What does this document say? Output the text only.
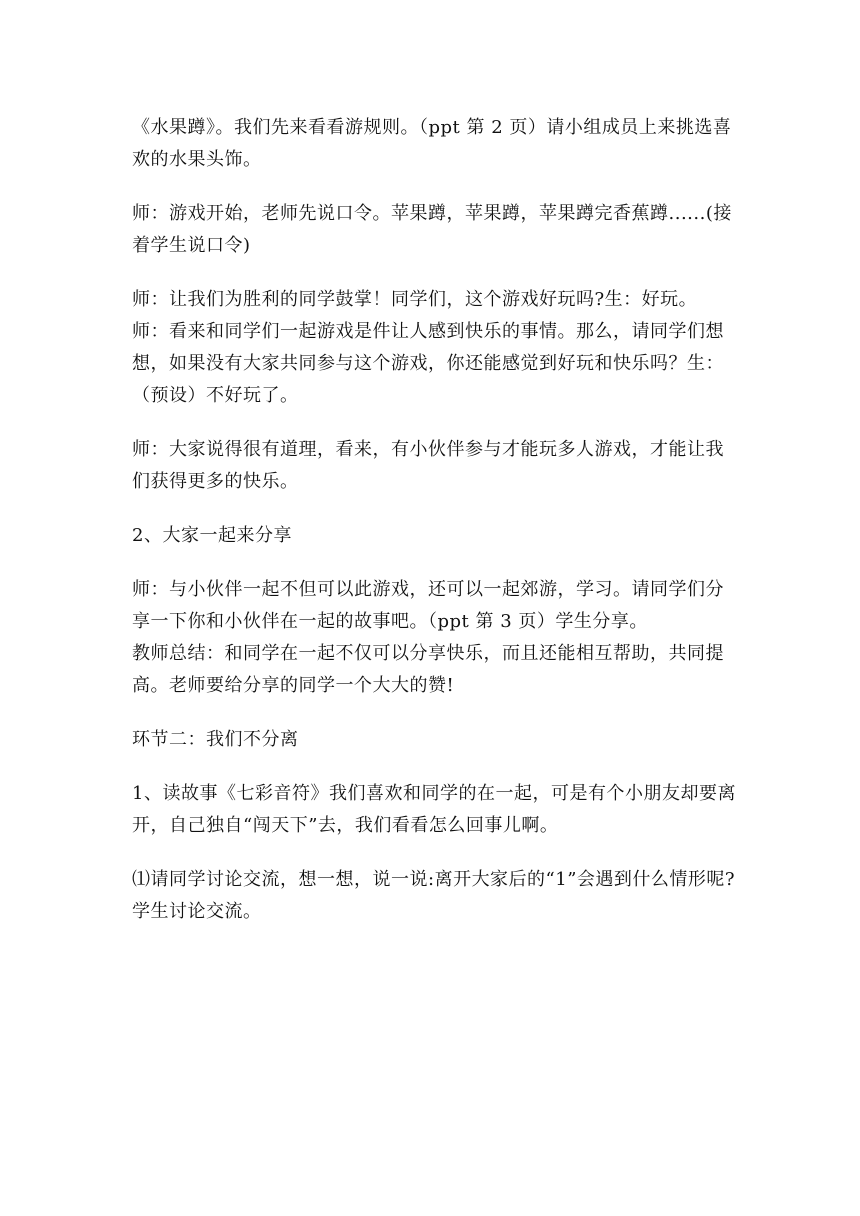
《水果蹲》。我们先来看看游规则。（ppt 第 2 页）请小组成员上来挑选喜欢的水果头饰。

师：游戏开始，老师先说口令。苹果蹲，苹果蹲，苹果蹲完香蕉蹲......(接着学生说口令)

师：让我们为胜利的同学鼓掌！同学们，这个游戏好玩吗?生：好玩。

师：看来和同学们一起游戏是件让人感到快乐的事情。那么，请同学们想想，如果没有大家共同参与这个游戏，你还能感觉到好玩和快乐吗？生：（预设）不好玩了。

师：大家说得很有道理，看来，有小伙伴参与才能玩多人游戏，才能让我们获得更多的快乐。

2、大家一起来分享

师：与小伙伴一起不但可以此游戏，还可以一起郊游，学习。请同学们分享一下你和小伙伴在一起的故事吧。（ppt 第 3 页）学生分享。

教师总结：和同学在一起不仅可以分享快乐，而且还能相互帮助，共同提高。老师要给分享的同学一个大大的赞!

环节二：我们不分离

1、读故事《七彩音符》我们喜欢和同学的在一起，可是有个小朋友却要离开，自己独自“闯天下”去，我们看看怎么回事儿啊。

⑴请同学讨论交流，想一想，说一说:离开大家后的“1”会遇到什么情形呢?学生讨论交流。
